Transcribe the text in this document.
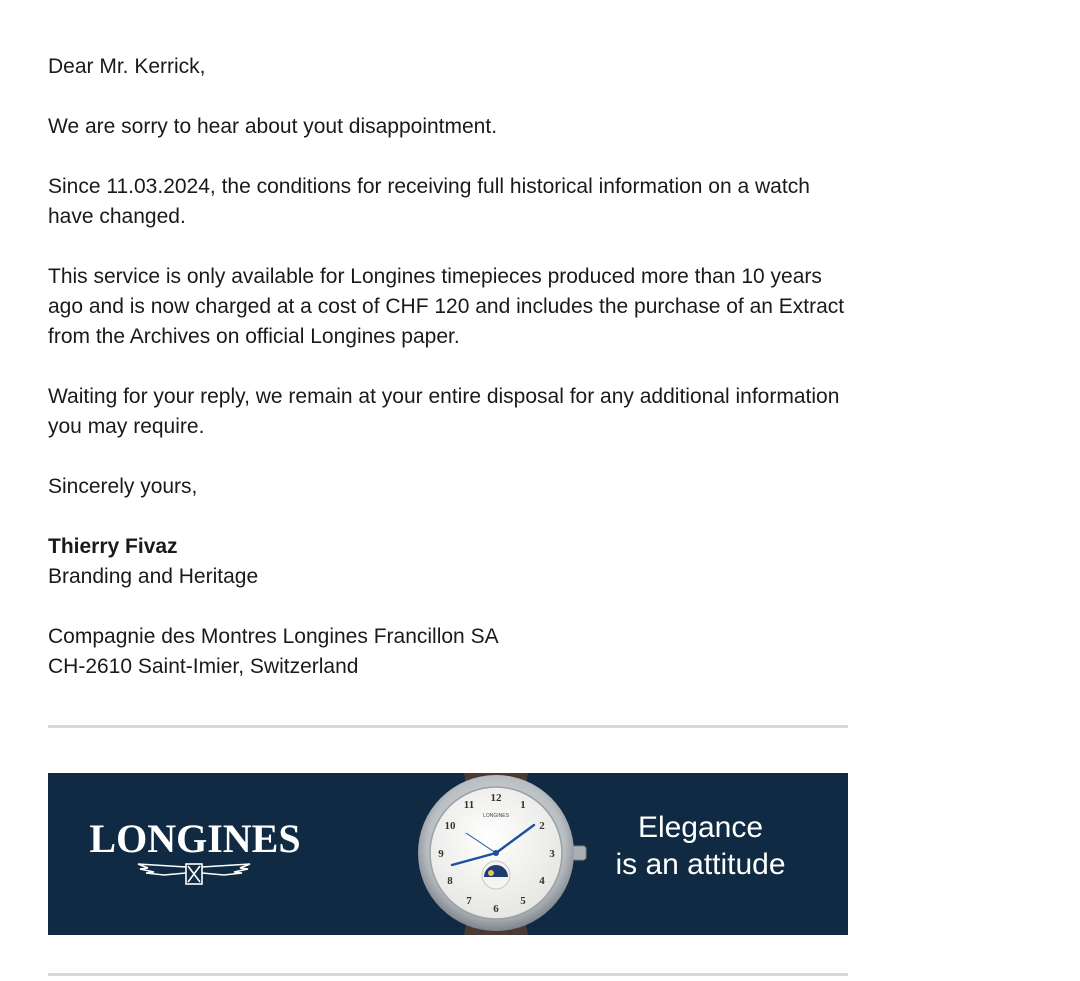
Dear Mr. Kerrick,

We are sorry to hear about yout disappointment.

Since 11.03.2024, the conditions for receiving full historical information on a watch have changed.

This service is only available for Longines timepieces produced more than 10 years ago and is now charged at a cost of CHF 120 and includes the purchase of an Extract from the Archives on official Longines paper.

Waiting for your reply, we remain at your entire disposal for any additional information you may require.

Sincerely yours,

Thierry Fivaz
Branding and Heritage

Compagnie des Montres Longines Francillon SA
CH-2610 Saint-Imier, Switzerland

LONGINES
12
1
2
3
4
5
6
7
8
9
10
11
LONGINES	Elegance
is an attitude
